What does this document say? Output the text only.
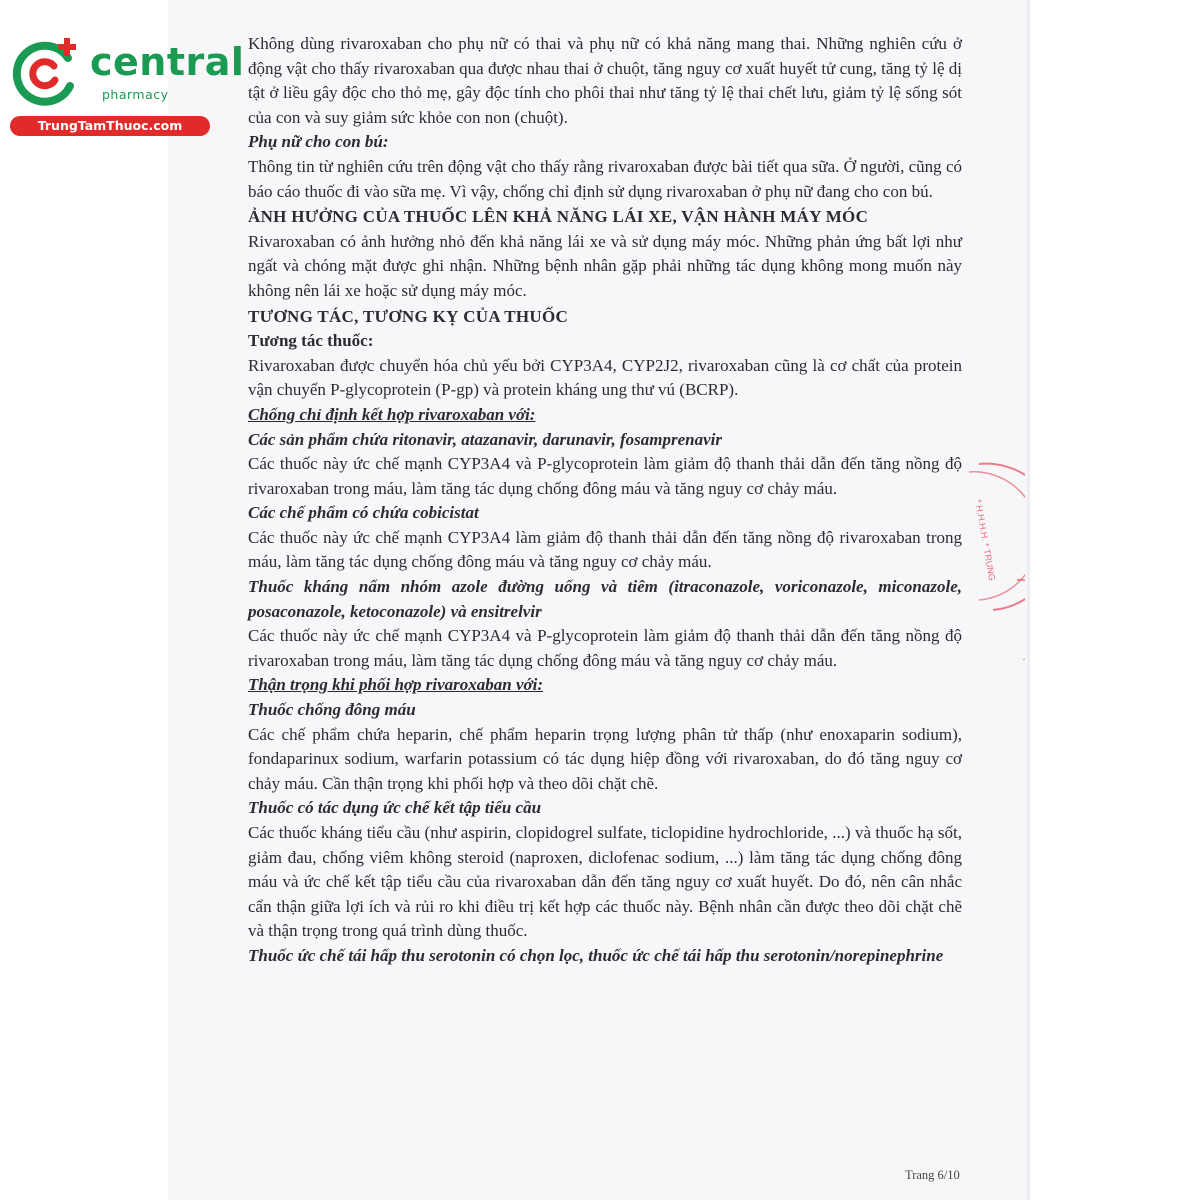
central
pharmacy
TrungTamThuoc.com

Không dùng rivaroxaban cho phụ nữ có thai và phụ nữ có khả năng mang thai. Những nghiên cứu ở động vật cho thấy rivaroxaban qua được nhau thai ở chuột, tăng nguy cơ xuất huyết tử cung, tăng tỷ lệ dị tật ở liều gây độc cho thỏ mẹ, gây độc tính cho phôi thai như tăng tỷ lệ thai chết lưu, giảm tỷ lệ sống sót của con và suy giảm sức khỏe con non (chuột).

Phụ nữ cho con bú:

Thông tin từ nghiên cứu trên động vật cho thấy rằng rivaroxaban được bài tiết qua sữa. Ở người, cũng có báo cáo thuốc đi vào sữa mẹ. Vì vậy, chống chỉ định sử dụng rivaroxaban ở phụ nữ đang cho con bú.

ẢNH HƯỞNG CỦA THUỐC LÊN KHẢ NĂNG LÁI XE, VẬN HÀNH MÁY MÓC

Rivaroxaban có ảnh hưởng nhỏ đến khả năng lái xe và sử dụng máy móc. Những phản ứng bất lợi như ngất và chóng mặt được ghi nhận. Những bệnh nhân gặp phải những tác dụng không mong muốn này không nên lái xe hoặc sử dụng máy móc.

TƯƠNG TÁC, TƯƠNG KỴ CỦA THUỐC

Tương tác thuốc:

Rivaroxaban được chuyển hóa chủ yếu bởi CYP3A4, CYP2J2, rivaroxaban cũng là cơ chất của protein vận chuyển P-glycoprotein (P-gp) và protein kháng ung thư vú (BCRP).

Chống chỉ định kết hợp rivaroxaban với:

Các sản phẩm chứa ritonavir, atazanavir, darunavir, fosamprenavir

Các thuốc này ức chế mạnh CYP3A4 và P-glycoprotein làm giảm độ thanh thải dẫn đến tăng nồng độ rivaroxaban trong máu, làm tăng tác dụng chống đông máu và tăng nguy cơ chảy máu.

Các chế phẩm có chứa cobicistat

Các thuốc này ức chế mạnh CYP3A4 làm giảm độ thanh thải dẫn đến tăng nồng độ rivaroxaban trong máu, làm tăng tác dụng chống đông máu và tăng nguy cơ chảy máu.

Thuốc kháng nấm nhóm azole đường uống và tiêm (itraconazole, voriconazole, miconazole, posaconazole, ketoconazole) và ensitrelvir

Các thuốc này ức chế mạnh CYP3A4 và P-glycoprotein làm giảm độ thanh thải dẫn đến tăng nồng độ rivaroxaban trong máu, làm tăng tác dụng chống đông máu và tăng nguy cơ chảy máu.

Thận trọng khi phối hợp rivaroxaban với:

Thuốc chống đông máu

Các chế phẩm chứa heparin, chế phẩm heparin trọng lượng phân tử thấp (như enoxaparin sodium), fondaparinux sodium, warfarin potassium có tác dụng hiệp đồng với rivaroxaban, do đó tăng nguy cơ chảy máu. Cần thận trọng khi phối hợp và theo dõi chặt chẽ.

Thuốc có tác dụng ức chế kết tập tiểu cầu

Các thuốc kháng tiểu cầu (như aspirin, clopidogrel sulfate, ticlopidine hydrochloride, ...) và thuốc hạ sốt, giảm đau, chống viêm không steroid (naproxen, diclofenac sodium, ...) làm tăng tác dụng chống đông máu và ức chế kết tập tiểu cầu của rivaroxaban dẫn đến tăng nguy cơ xuất huyết. Do đó, nên cân nhắc cẩn thận giữa lợi ích và rủi ro khi điều trị kết hợp các thuốc này. Bệnh nhân cần được theo dõi chặt chẽ và thận trọng trong quá trình dùng thuốc.

Thuốc ức chế tái hấp thu serotonin có chọn lọc, thuốc ức chế tái hấp thu serotonin/norepinephrine

* H.H.H.H. * TRUNG
Trang 6/10
